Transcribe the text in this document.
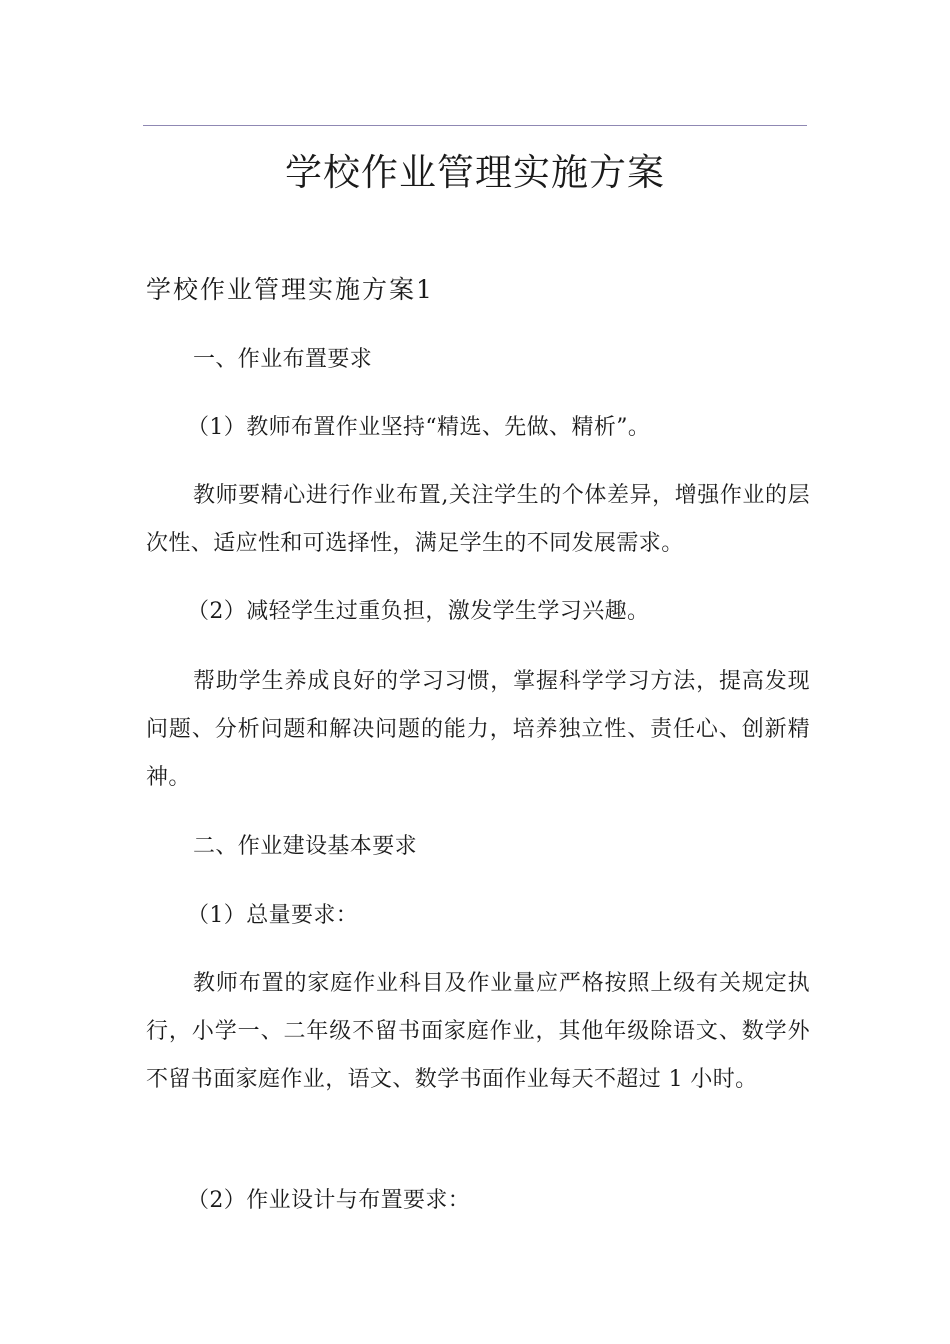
学校作业管理实施方案
学校作业管理实施方案1
一、作业布置要求
（1）教师布置作业坚持“精选、先做、精析”。
教师要精心进行作业布置,关注学生的个体差异，增强作业的层次性、适应性和可选择性，满足学生的不同发展需求。
（2）减轻学生过重负担，激发学生学习兴趣。
帮助学生养成良好的学习习惯，掌握科学学习方法，提高发现问题、分析问题和解决问题的能力，培养独立性、责任心、创新精神。
二、作业建设基本要求
（1）总量要求：
教师布置的家庭作业科目及作业量应严格按照上级有关规定执行，小学一、二年级不留书面家庭作业，其他年级除语文、数学外不留书面家庭作业，语文、数学书面作业每天不超过 1 小时。
（2）作业设计与布置要求：
